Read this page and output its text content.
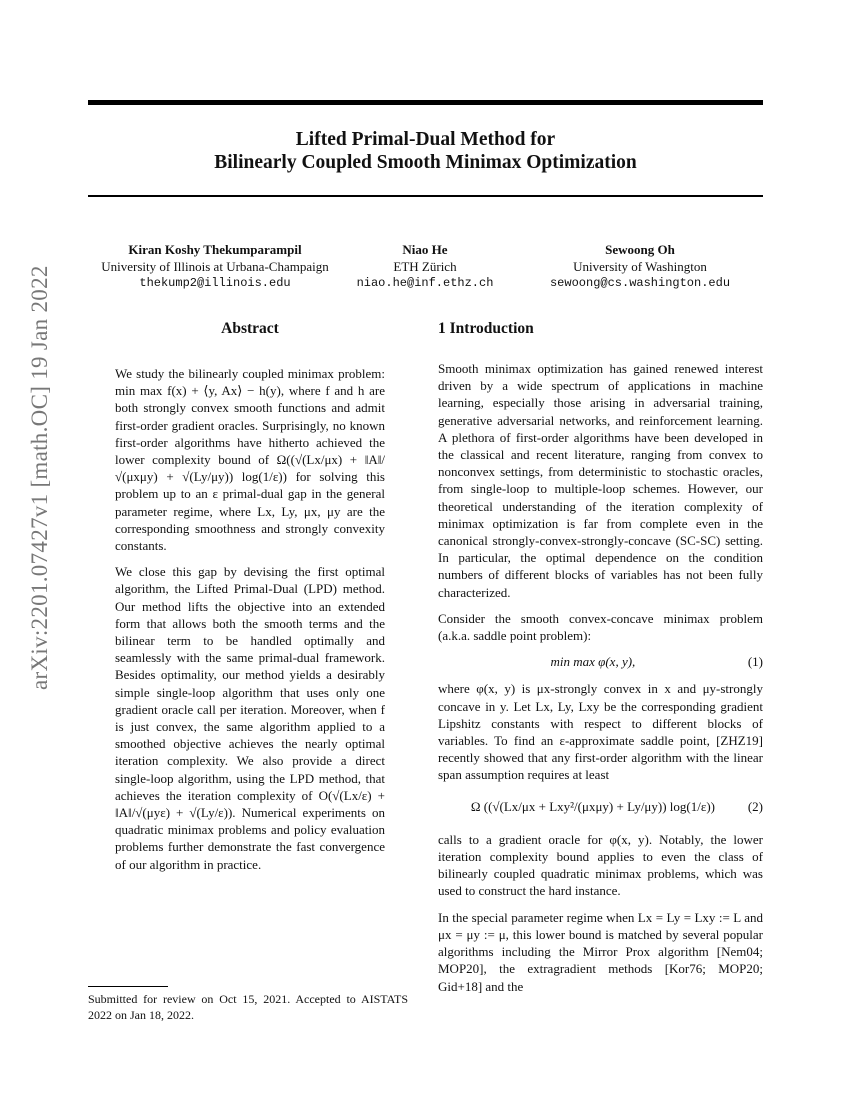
Lifted Primal-Dual Method for
Bilinearly Coupled Smooth Minimax Optimization
arXiv:2201.07427v1 [math.OC] 19 Jan 2022
Kiran Koshy Thekumparampil
University of Illinois at Urbana-Champaign
thekump2@illinois.edu
Niao He
ETH Zürich
niao.he@inf.ethz.ch
Sewoong Oh
University of Washington
sewoong@cs.washington.edu
Abstract

We study the bilinearly coupled minimax problem: min max f(x) + ⟨y, Ax⟩ − h(y), where f and h are both strongly convex smooth functions and admit first-order gradient oracles. Surprisingly, no known first-order algorithms have hitherto achieved the lower complexity bound of Ω((√(Lx/μx) + ‖A‖/√(μxμy) + √(Ly/μy)) log(1/ε)) for solving this problem up to an ε primal-dual gap in the general parameter regime, where Lx, Ly, μx, μy are the corresponding smoothness and strongly convexity constants.

We close this gap by devising the first optimal algorithm, the Lifted Primal-Dual (LPD) method. Our method lifts the objective into an extended form that allows both the smooth terms and the bilinear term to be handled optimally and seamlessly with the same primal-dual framework. Besides optimality, our method yields a desirably simple single-loop algorithm that uses only one gradient oracle call per iteration. Moreover, when f is just convex, the same algorithm applied to a smoothed objective achieves the nearly optimal iteration complexity. We also provide a direct single-loop algorithm, using the LPD method, that achieves the iteration complexity of O(√(Lx/ε) + ‖A‖/√(μyε) + √(Ly/ε)). Numerical experiments on quadratic minimax problems and policy evaluation problems further demonstrate the fast convergence of our algorithm in practice.

1 Introduction

Smooth minimax optimization has gained renewed interest driven by a wide spectrum of applications in machine learning, especially those arising in adversarial training, generative adversarial networks, and reinforcement learning. A plethora of first-order algorithms have been developed in the classical and recent literature, ranging from convex to nonconvex settings, from deterministic to stochastic oracles, from single-loop to multiple-loop schemes. However, our theoretical understanding of the iteration complexity of minimax optimization is far from complete even in the canonical strongly-convex-strongly-concave (SC-SC) setting. In particular, the optimal dependence on the condition numbers of different blocks of variables has not been fully characterized.

Consider the smooth convex-concave minimax problem (a.k.a. saddle point problem):

min max φ(x, y),	(1)

where φ(x, y) is μx-strongly convex in x and μy-strongly concave in y. Let Lx, Ly, Lxy be the corresponding gradient Lipshitz constants with respect to different blocks of variables. To find an ε-approximate saddle point, [ZHZ19] recently showed that any first-order algorithm with the linear span assumption requires at least

Ω ((√(Lx/μx + Lxy²/(μxμy) + Ly/μy)) log(1/ε))	(2)

calls to a gradient oracle for φ(x, y). Notably, the lower iteration complexity bound applies to even the class of bilinearly coupled quadratic minimax problems, which was used to construct the hard instance.

In the special parameter regime when Lx = Ly = Lxy := L and μx = μy := μ, this lower bound is matched by several popular algorithms including the Mirror Prox algorithm [Nem04; MOP20], the extragradient methods [Kor76; MOP20; Gid+18] and the

Submitted for review on Oct 15, 2021. Accepted to AISTATS 2022 on Jan 18, 2022.
